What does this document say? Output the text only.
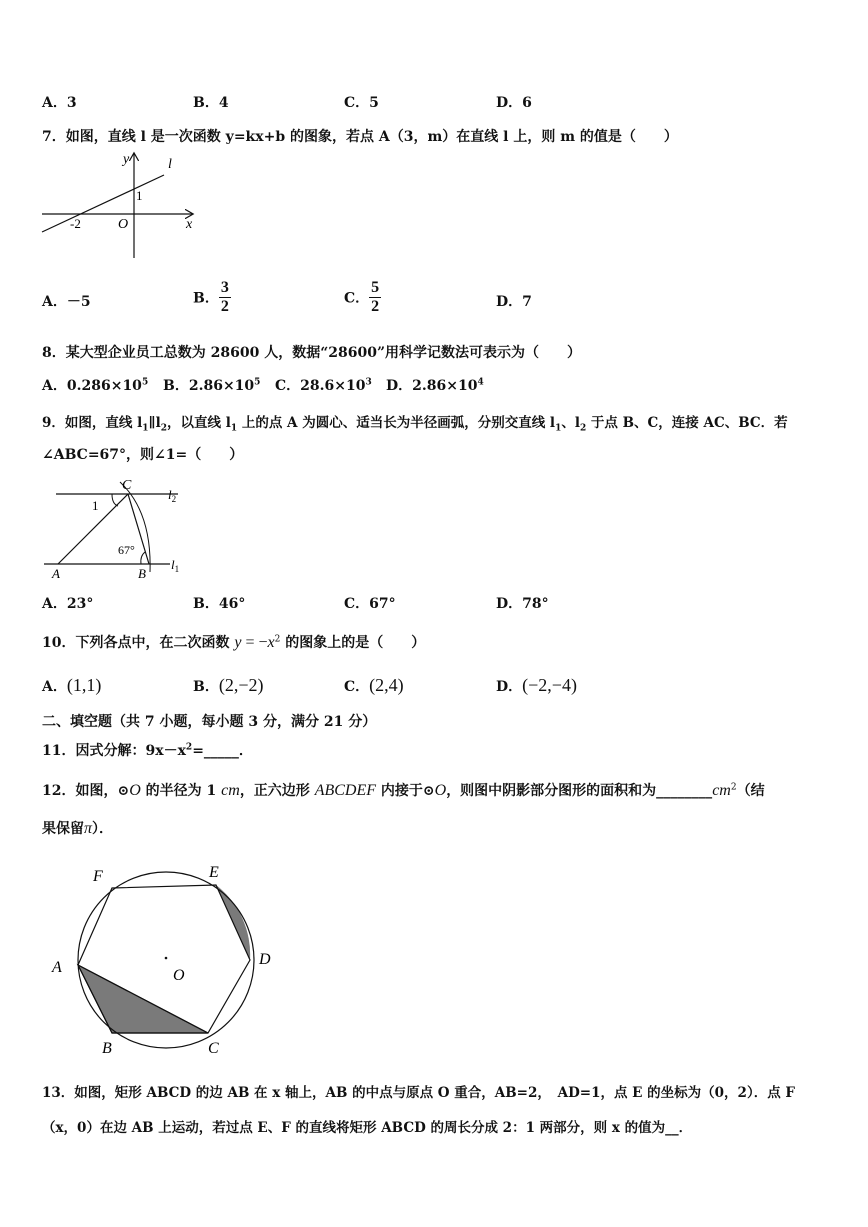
A．3	B．4	C．5	D．6
7．如图，直线 l 是一次函数 y=kx+b 的图象，若点 A（3，m）在直线 l 上，则 m 的值是（　　）
y	l
1
-2	O	x
A．－5	B． $\frac{3}{2}$	C． $\frac{5}{2}$	D．7
8．某大型企业员工总数为 28600 人，数据“28600”用科学记数法可表示为（　　）
A．$0.286\times 10^5$ B．$2.86\times 10^5$ C．$28.6\times 10^3$ D．$2.86\times 10^4$
9．如图，直线 $l_1\parallel l_2$，以直线 $l_1$ 上的点 A 为圆心、适当长为半径画弧，分别交直线 $l_1$、$l_2$ 于点 B、C，连接 AC、BC．若
∠ABC=67°，则∠1=（　　）
C
$l_2$
1
67°
A	B
$l_1$
A．23°	B．46°	C．67°	D．78°
10．下列各点中，在二次函数 $y = -x^2$ 的图象上的是（　　）
A．(1,1)	B．(2,−2)	C．(2,4)	D．(−2,−4)
二、填空题（共 7 小题，每小题 3 分，满分 21 分）
11．因式分解：$9x-x^2=\_\_\_\_\_$．
12．如图，⊙O 的半径为 1 cm，正六边形 ABCDEF 内接于⊙O，则图中阴影部分图形的面积和为$\_\_\_\_\_\_\_\_cm^2$（结
果保留π）．
F	E
A	D
O
B	C
13．如图，矩形 ABCD 的边 AB 在 x 轴上，AB 的中点与原点 O 重合，AB=2，　AD=1，点 E 的坐标为（0，2）．点 F
（x，0）在边 AB 上运动，若过点 E、F 的直线将矩形 ABCD 的周长分成 2：1 两部分，则 x 的值为__．
